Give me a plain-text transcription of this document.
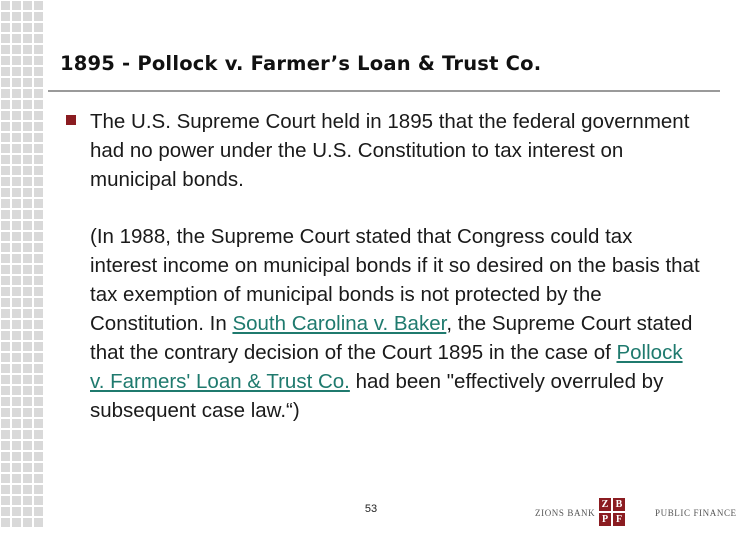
1895 - Pollock v. Farmer’s Loan & Trust Co.
The U.S. Supreme Court held in 1895 that the federal government had no power under the U.S. Constitution to tax interest on municipal bonds.
(In 1988, the Supreme Court stated that Congress could tax interest income on municipal bonds if it so desired on the basis that tax exemption of municipal bonds is not protected by the Constitution. In South Carolina v. Baker, the Supreme Court stated that the contrary decision of the Court 1895 in the case of Pollock v. Farmers' Loan & Trust Co. had been "effectively overruled by subsequent case law.“)
53	ZIONS BANK
Z B
P F
PUBLIC FINANCE
